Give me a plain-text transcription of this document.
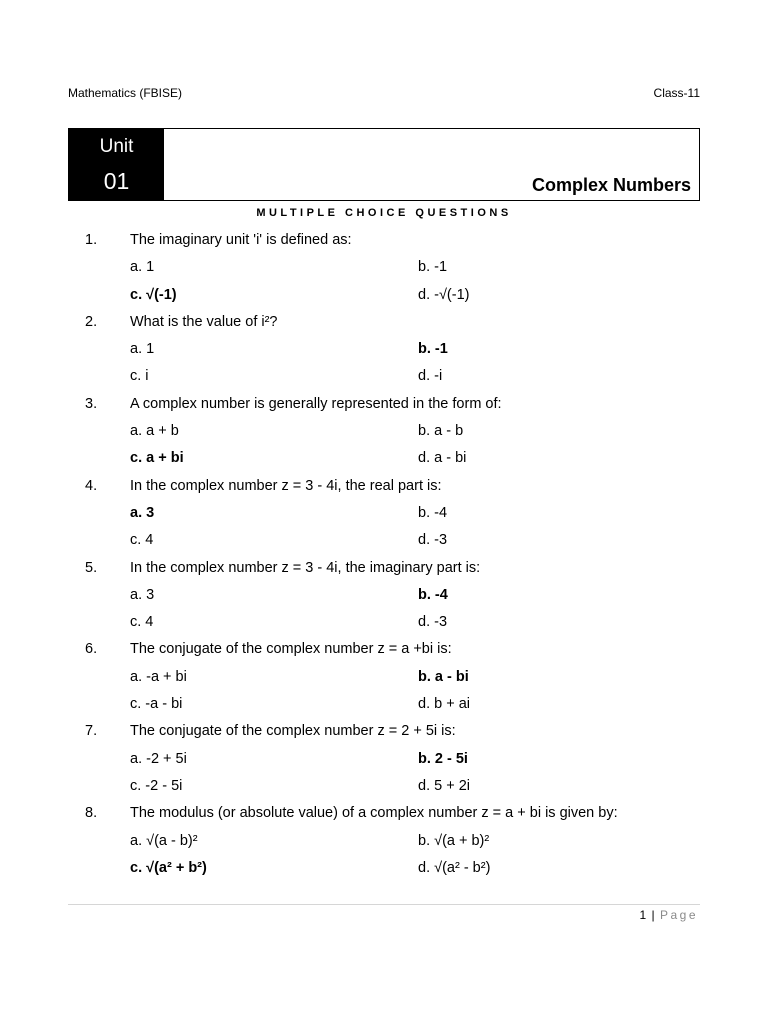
Mathematics (FBISE)	Class-11
Unit
01	Complex Numbers
MULTIPLE CHOICE QUESTIONS
1. The imaginary unit 'i' is defined as:
a. 1	b. -1
c. √(-1)	d. -√(-1)
2. What is the value of i²?
a. 1	b. -1
c. i	d. -i
3. A complex number is generally represented in the form of:
a. a + b	b. a - b
c. a + bi	d. a - bi
4. In the complex number z = 3 - 4i, the real part is:
a. 3	b. -4
c. 4	d. -3
5. In the complex number z = 3 - 4i, the imaginary part is:
a. 3	b. -4
c. 4	d. -3
6. The conjugate of the complex number z = a +bi is:
a. -a + bi	b. a - bi
c. -a - bi	d. b + ai
7. The conjugate of the complex number z = 2 + 5i is:
a. -2 + 5i	b. 2 - 5i
c. -2 - 5i	d. 5 + 2i
8. The modulus (or absolute value) of a complex number z = a + bi is given by:
a. √(a - b)²	b. √(a + b)²
c. √(a² + b²)	d. √(a² - b²)
1 | Page
